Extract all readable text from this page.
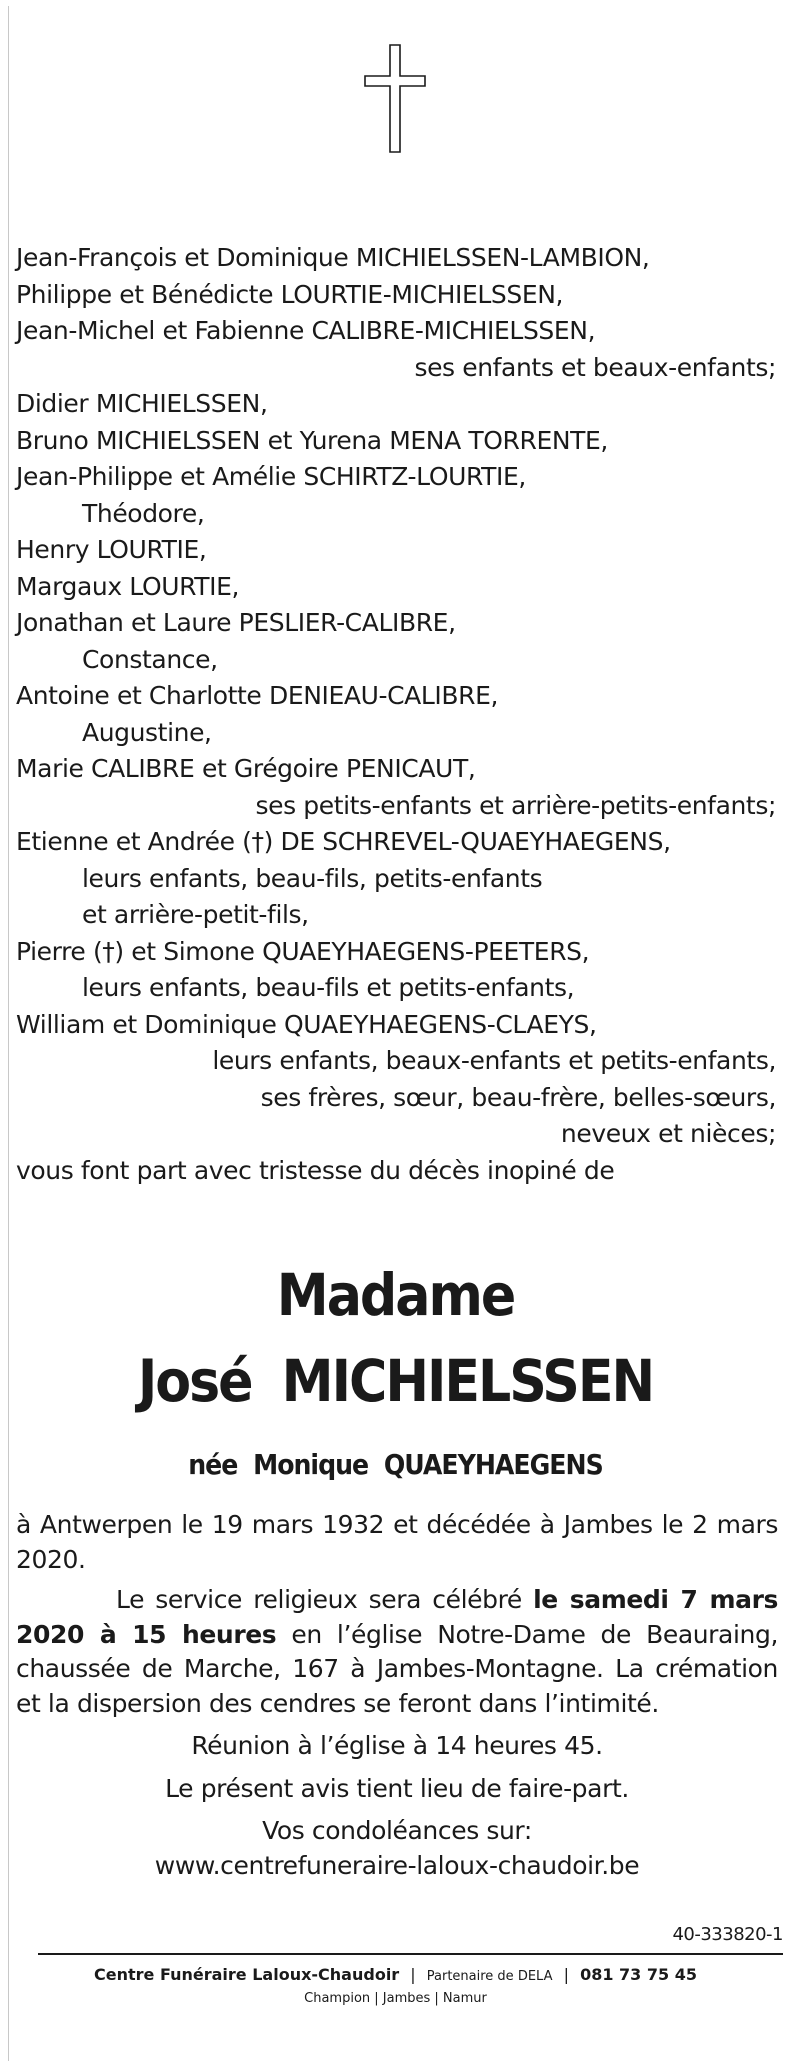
Jean-François et Dominique MICHIELSSEN-LAMBION,

Philippe et Bénédicte LOURTIE-MICHIELSSEN,

Jean-Michel et Fabienne CALIBRE-MICHIELSSEN,

ses enfants et beaux-enfants;

Didier MICHIELSSEN,

Bruno MICHIELSSEN et Yurena MENA TORRENTE,

Jean-Philippe et Amélie SCHIRTZ-LOURTIE,

Théodore,

Henry LOURTIE,

Margaux LOURTIE,

Jonathan et Laure PESLIER-CALIBRE,

Constance,

Antoine et Charlotte DENIEAU-CALIBRE,

Augustine,

Marie CALIBRE et Grégoire PENICAUT,

ses petits-enfants et arrière-petits-enfants;

Etienne et Andrée (†) DE SCHREVEL-QUAEYHAEGENS,

leurs enfants, beau-fils, petits-enfants

et arrière-petit-fils,

Pierre (†) et Simone QUAEYHAEGENS-PEETERS,

leurs enfants, beau-fils et petits-enfants,

William et Dominique QUAEYHAEGENS-CLAEYS,

leurs enfants, beaux-enfants et petits-enfants,

ses frères, sœur, beau-frère, belles-sœurs,

neveux et nièces;

vous font part avec tristesse du décès inopiné de

Madame
José MICHIELSSEN
née Monique QUAEYHAEGENS

à Antwerpen le 19 mars 1932 et décédée à Jambes le 2 mars 2020.

Le service religieux sera célébré le samedi 7 mars 2020 à 15 heures en l’église Notre-Dame de Beauraing, chaussée de Marche, 167 à Jambes-Montagne. La crémation et la dispersion des cendres se feront dans l’intimité.

Réunion à l’église à 14 heures 45.

Le présent avis tient lieu de faire-part.

Vos condoléances sur:

www.centrefuneraire-laloux-chaudoir.be

40-333820-1
Centre Funéraire Laloux-Chaudoir | Partenaire de DELA | 081 73 75 45
Champion | Jambes | Namur
